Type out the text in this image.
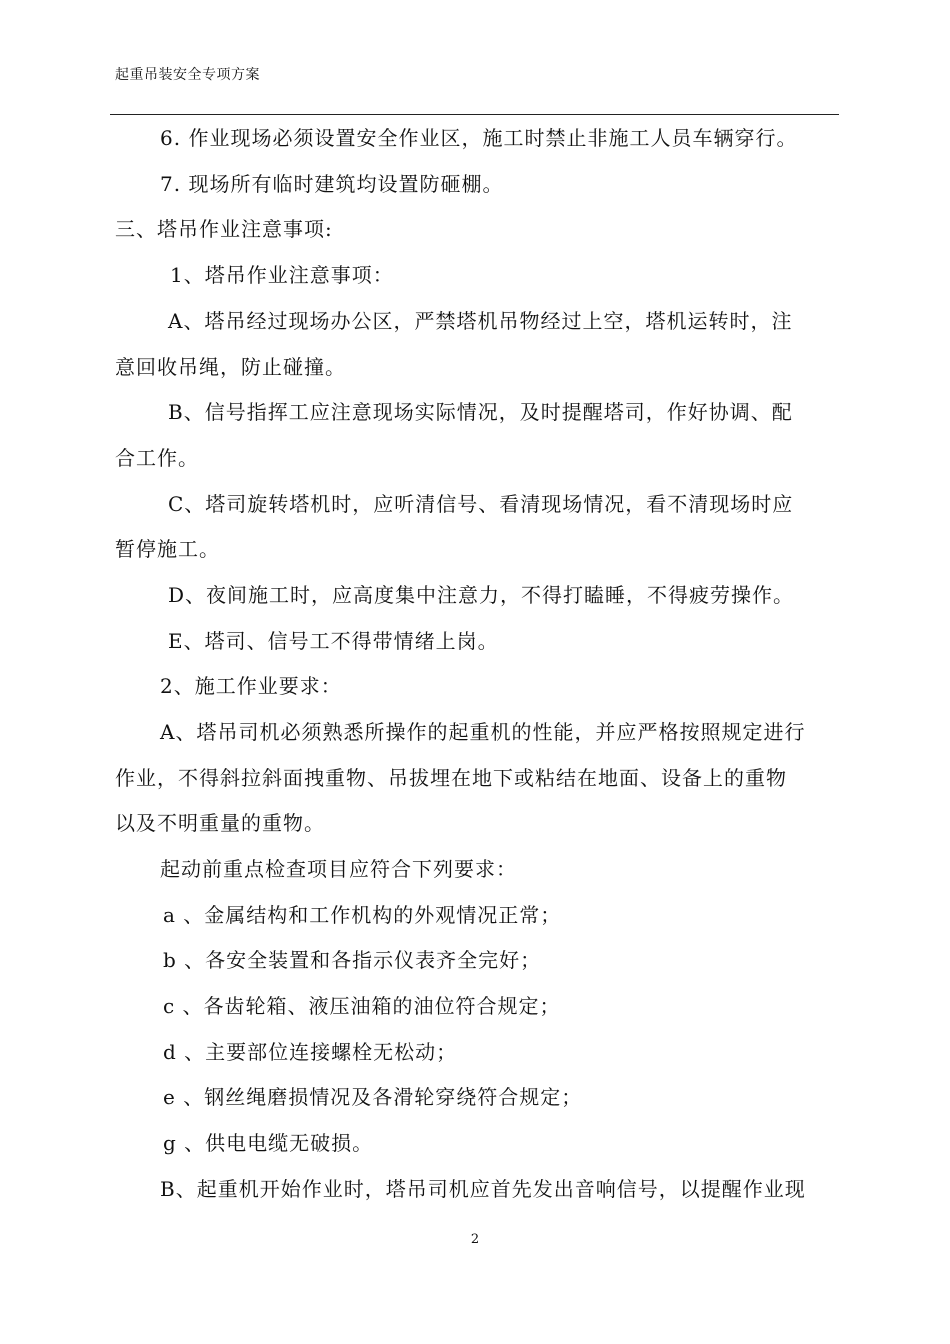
起重吊装安全专项方案
6. 作业现场必须设置安全作业区，施工时禁止非施工人员车辆穿行。
7. 现场所有临时建筑均设置防砸棚。
三、塔吊作业注意事项:
1、塔吊作业注意事项：
A、塔吊经过现场办公区，严禁塔机吊物经过上空，塔机运转时，注
意回收吊绳，防止碰撞。
B、信号指挥工应注意现场实际情况，及时提醒塔司，作好协调、配
合工作。
C、塔司旋转塔机时，应听清信号、看清现场情况，看不清现场时应
暂停施工。
D、夜间施工时，应高度集中注意力，不得打瞌睡，不得疲劳操作。
E、塔司、信号工不得带情绪上岗。
2、施工作业要求：
A、塔吊司机必须熟悉所操作的起重机的性能，并应严格按照规定进行
作业，不得斜拉斜面拽重物、吊拔埋在地下或粘结在地面、设备上的重物
以及不明重量的重物。
起动前重点检查项目应符合下列要求：
a 、金属结构和工作机构的外观情况正常；
b 、各安全装置和各指示仪表齐全完好；
c 、各齿轮箱、液压油箱的油位符合规定；
d 、主要部位连接螺栓无松动；
e 、钢丝绳磨损情况及各滑轮穿绕符合规定；
g 、供电电缆无破损。
B、起重机开始作业时，塔吊司机应首先发出音响信号，以提醒作业现
2
